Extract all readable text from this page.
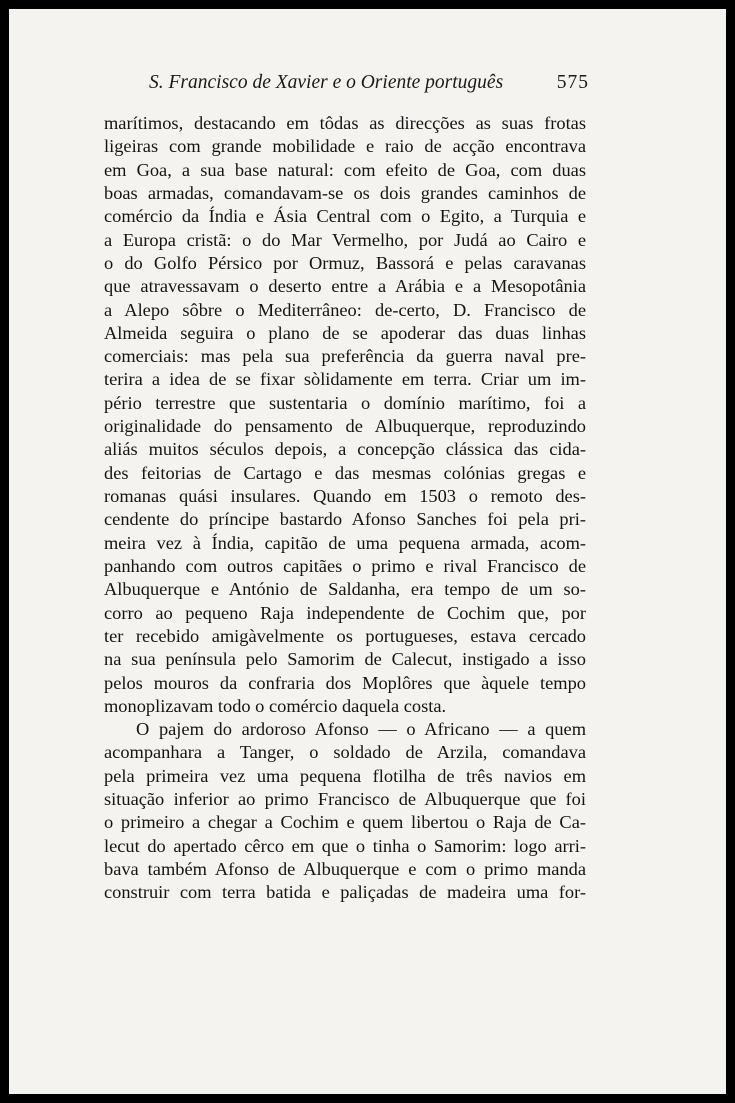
S. Francisco de Xavier e o Oriente português	575
marítimos, destacando em tôdas as direcções as suas frotas
ligeiras com grande mobilidade e raio de acção encontrava
em Goa, a sua base natural: com efeito de Goa, com duas
boas armadas, comandavam-se os dois grandes caminhos de
comércio da Índia e Ásia Central com o Egito, a Turquia e
a Europa cristã: o do Mar Vermelho, por Judá ao Cairo e
o do Golfo Pérsico por Ormuz, Bassorá e pelas caravanas
que atravessavam o deserto entre a Arábia e a Mesopotânia
a Alepo sôbre o Mediterrâneo: de-certo, D. Francisco de
Almeida seguira o plano de se apoderar das duas linhas
comerciais: mas pela sua preferência da guerra naval pre-
terira a idea de se fixar sòlidamente em terra. Criar um im-
pério terrestre que sustentaria o domínio marítimo, foi a
originalidade do pensamento de Albuquerque, reproduzindo
aliás muitos séculos depois, a concepção clássica das cida-
des feitorias de Cartago e das mesmas colónias gregas e
romanas quási insulares. Quando em 1503 o remoto des-
cendente do príncipe bastardo Afonso Sanches foi pela pri-
meira vez à Índia, capitão de uma pequena armada, acom-
panhando com outros capitães o primo e rival Francisco de
Albuquerque e António de Saldanha, era tempo de um so-
corro ao pequeno Raja independente de Cochim que, por
ter recebido amigàvelmente os portugueses, estava cercado
na sua península pelo Samorim de Calecut, instigado a isso
pelos mouros da confraria dos Moplôres que àquele tempo
monoplizavam todo o comércio daquela costa.
O pajem do ardoroso Afonso — o Africano — a quem
acompanhara a Tanger, o soldado de Arzila, comandava
pela primeira vez uma pequena flotilha de três navios em
situação inferior ao primo Francisco de Albuquerque que foi
o primeiro a chegar a Cochim e quem libertou o Raja de Ca-
lecut do apertado cêrco em que o tinha o Samorim: logo arri-
bava também Afonso de Albuquerque e com o primo manda
construir com terra batida e paliçadas de madeira uma for-
